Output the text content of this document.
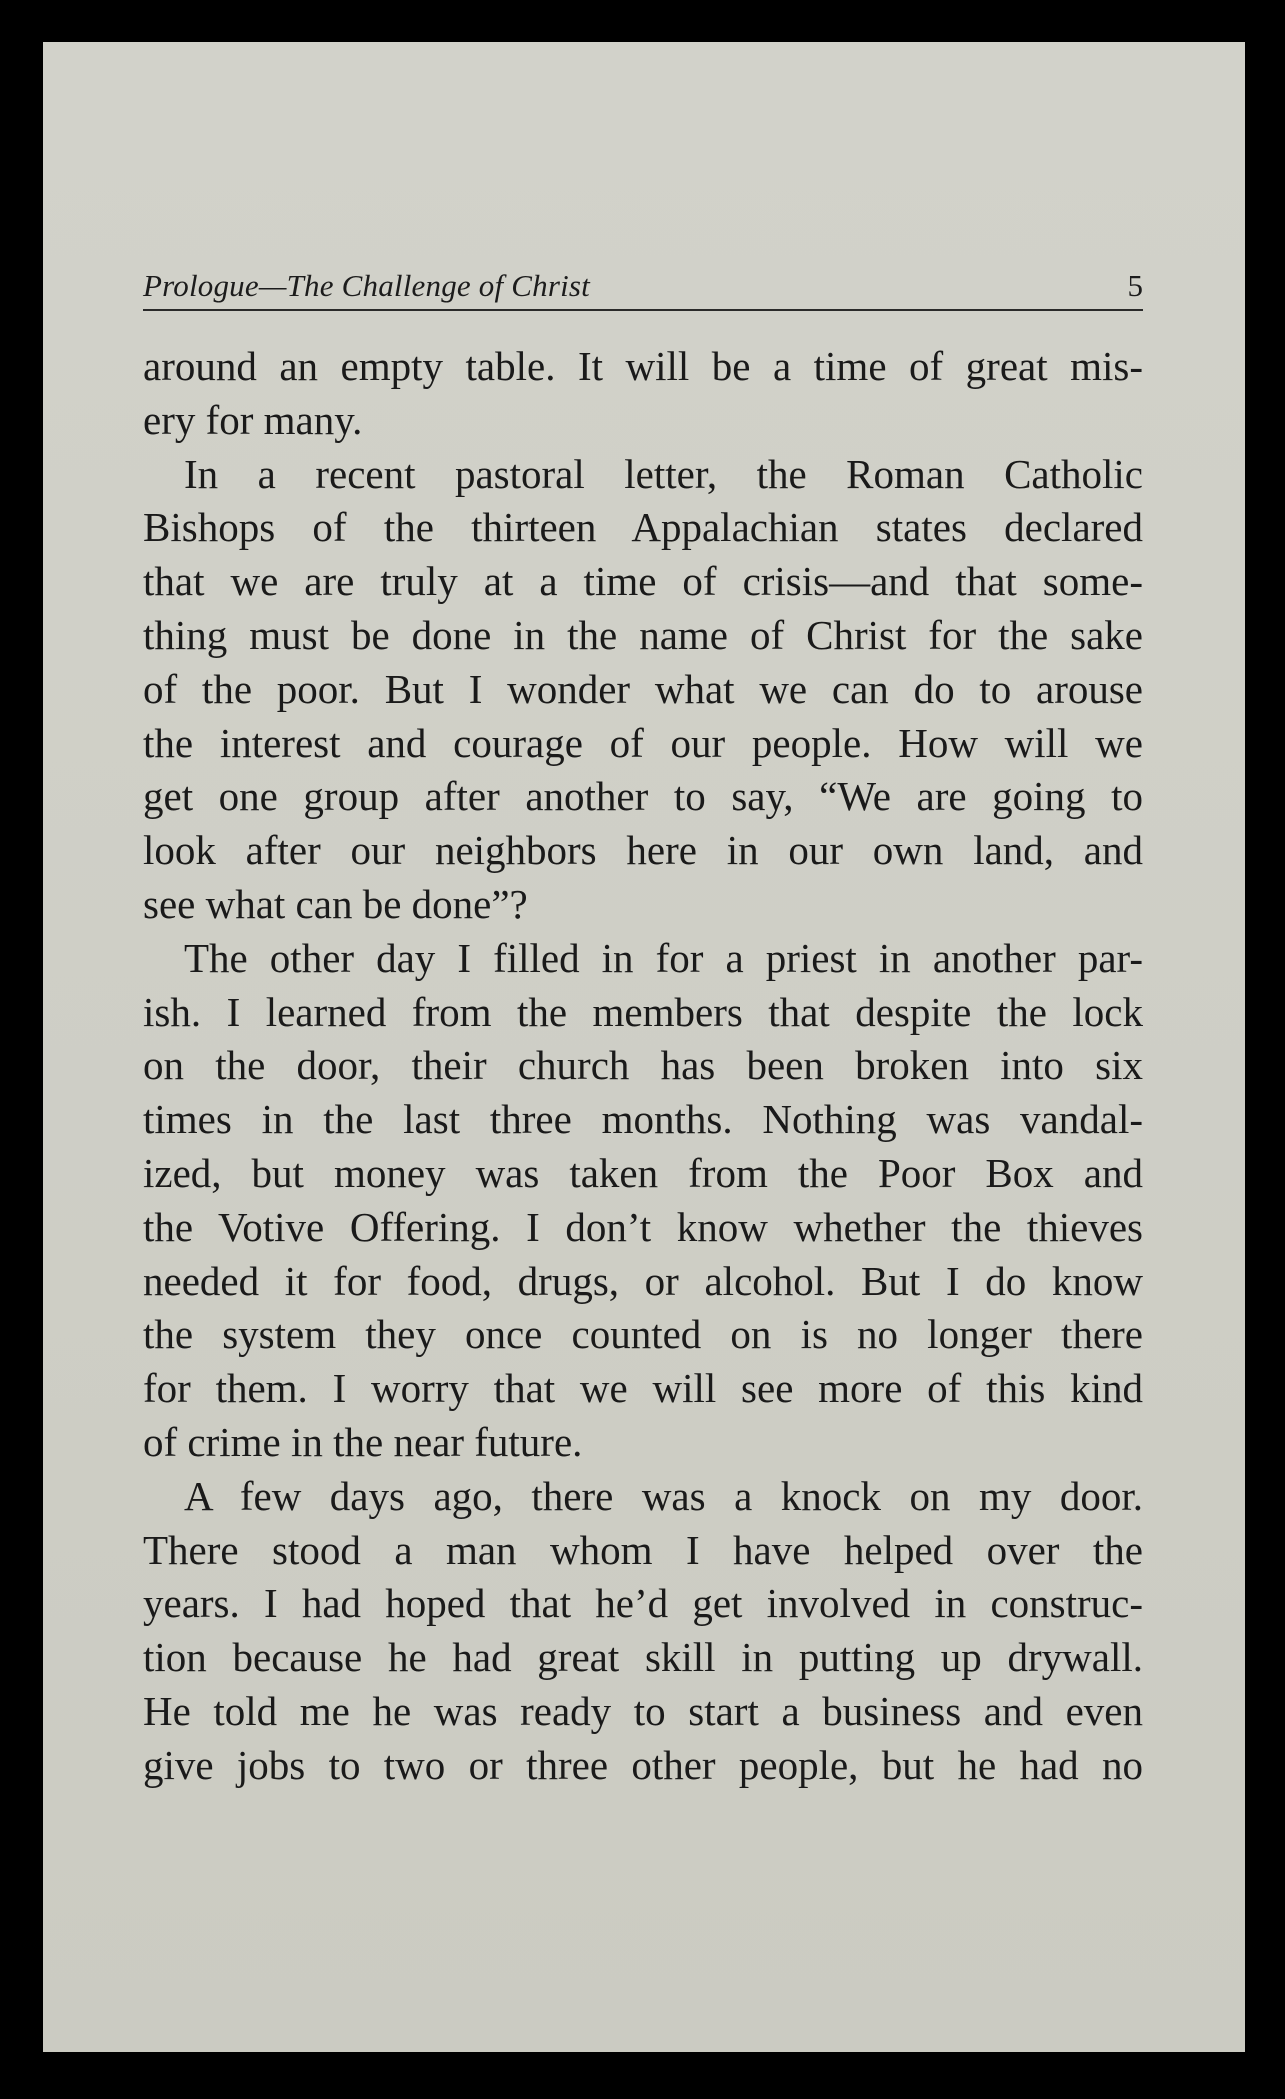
Prologue—The Challenge of Christ	5
around an empty table. It will be a time of great mis-
ery for many.
In a recent pastoral letter, the Roman Catholic
Bishops of the thirteen Appalachian states declared
that we are truly at a time of crisis—and that some-
thing must be done in the name of Christ for the sake
of the poor. But I wonder what we can do to arouse
the interest and courage of our people. How will we
get one group after another to say, “We are going to
look after our neighbors here in our own land, and
see what can be done”?
The other day I filled in for a priest in another par-
ish. I learned from the members that despite the lock
on the door, their church has been broken into six
times in the last three months. Nothing was vandal-
ized, but money was taken from the Poor Box and
the Votive Offering. I don’t know whether the thieves
needed it for food, drugs, or alcohol. But I do know
the system they once counted on is no longer there
for them. I worry that we will see more of this kind
of crime in the near future.
A few days ago, there was a knock on my door.
There stood a man whom I have helped over the
years. I had hoped that he’d get involved in construc-
tion because he had great skill in putting up drywall.
He told me he was ready to start a business and even
give jobs to two or three other people, but he had no
